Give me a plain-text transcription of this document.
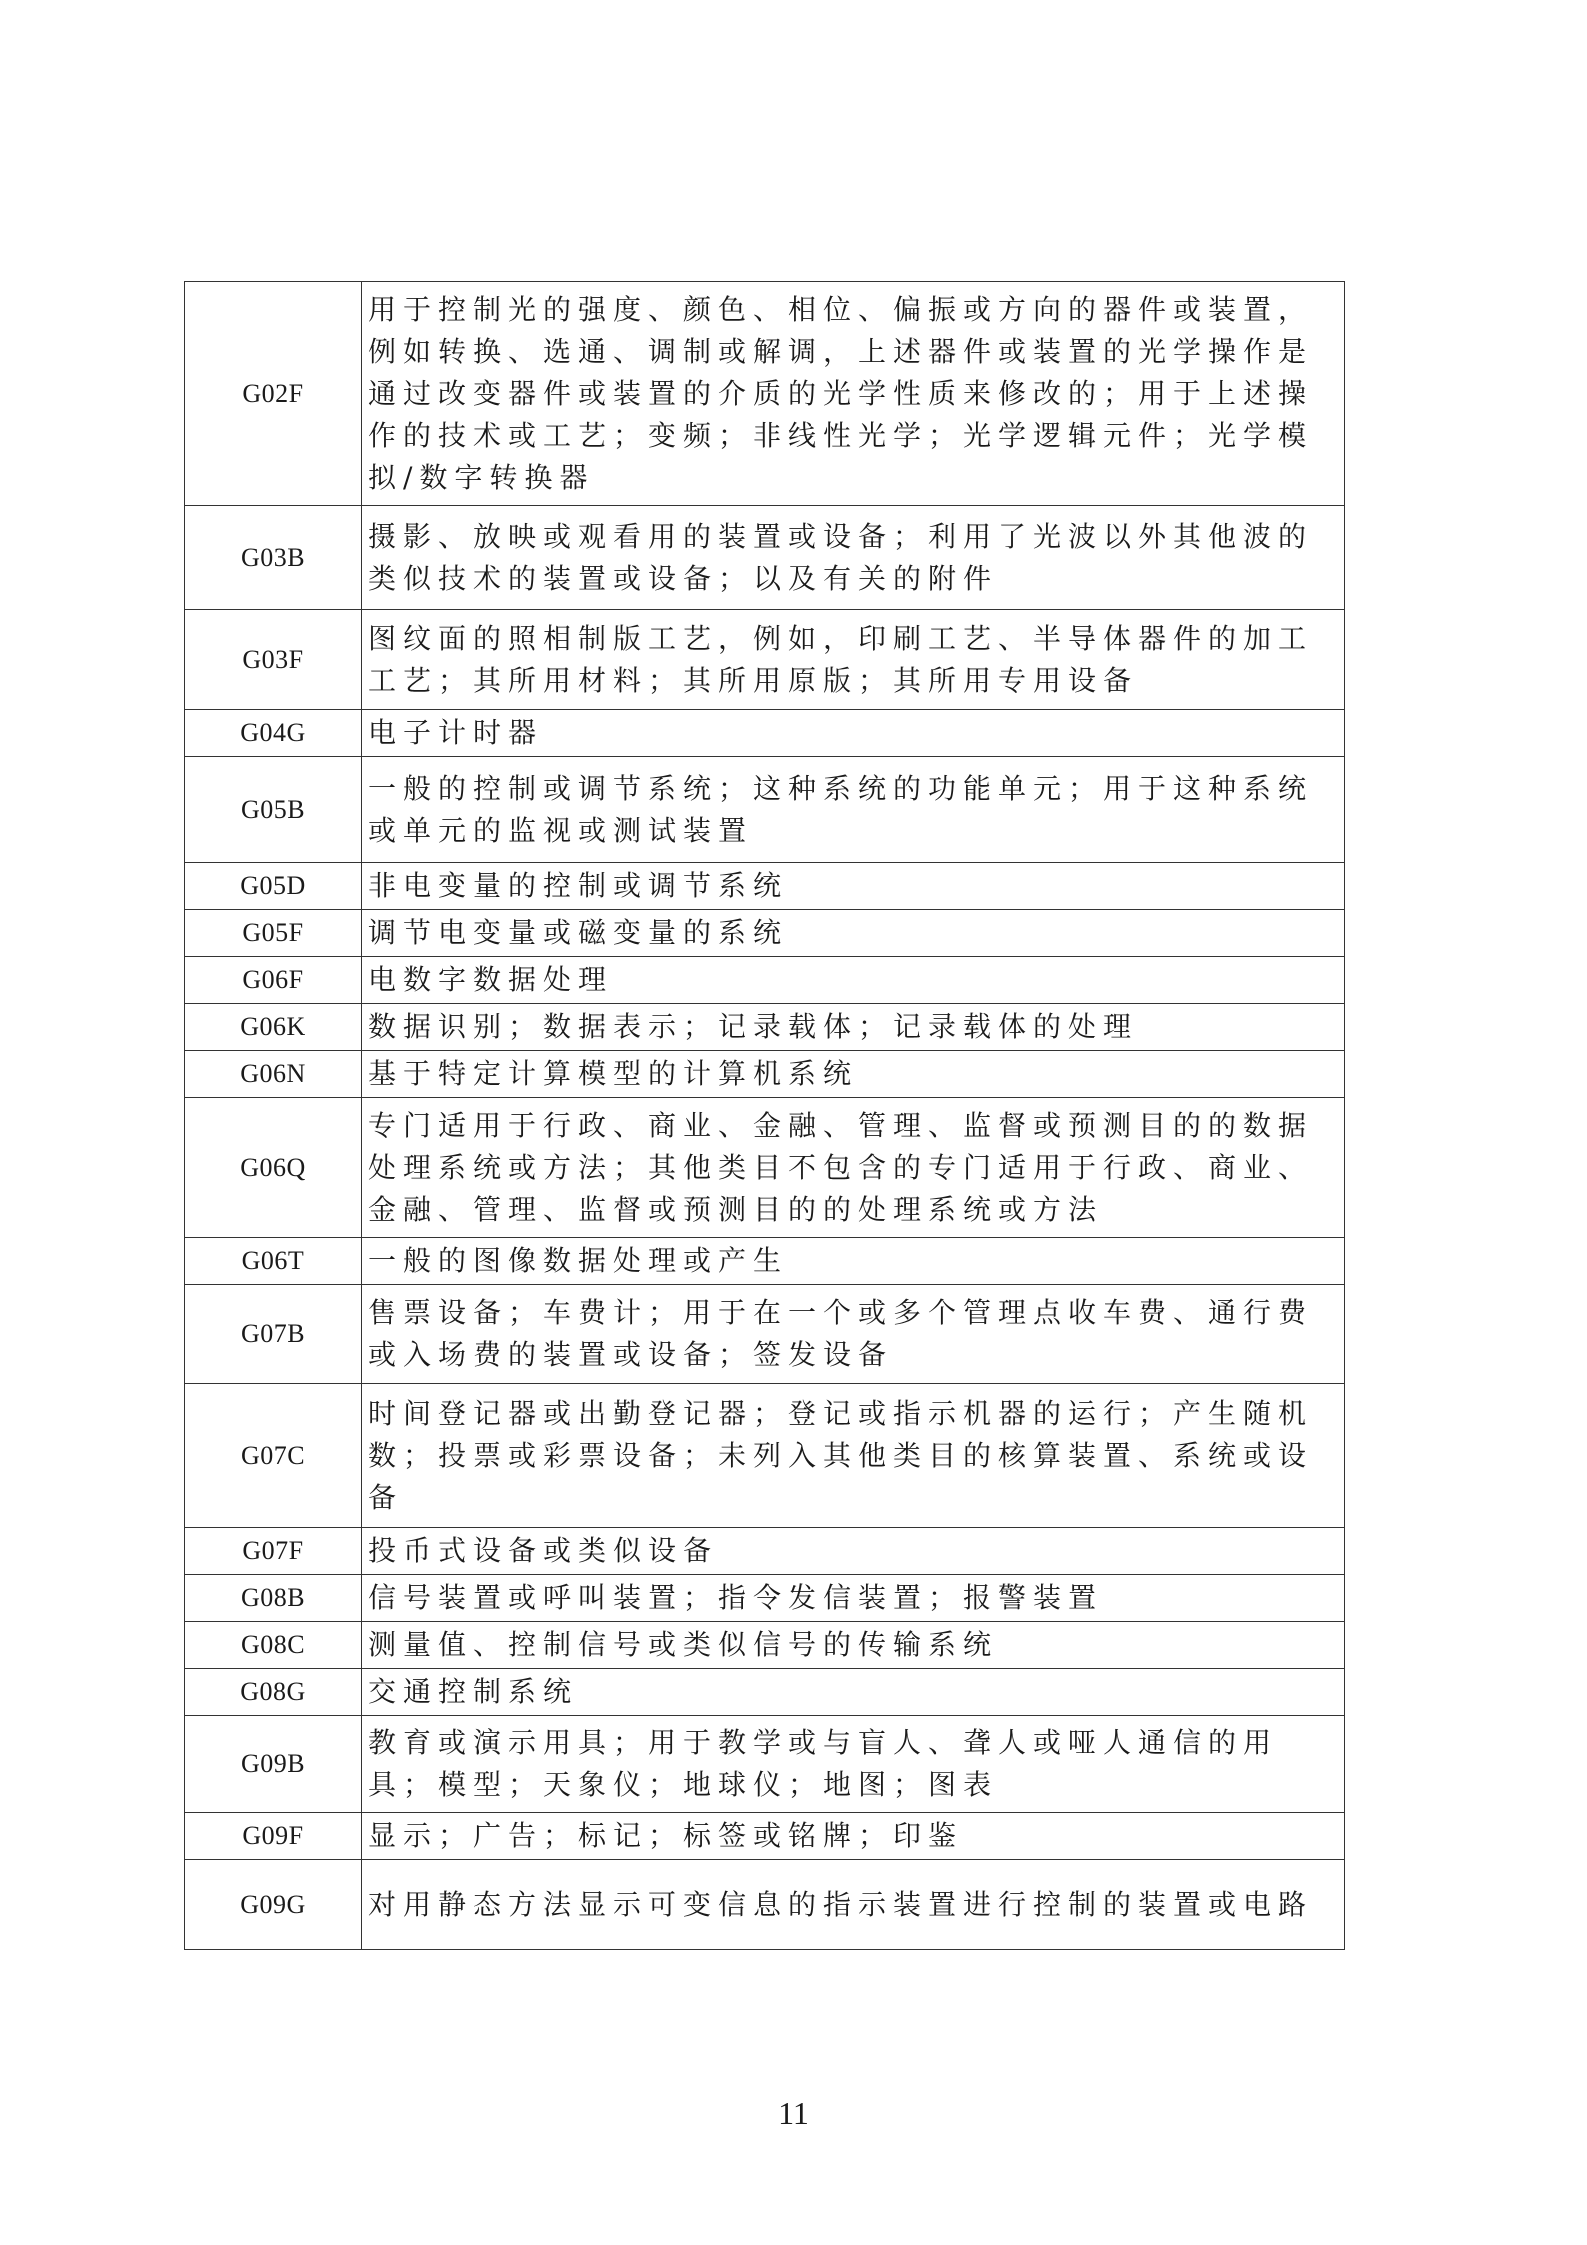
G02F	用于控制光的强度、颜色、相位、偏振或方向的器件或装置，例如转换、选通、调制或解调，上述器件或装置的光学操作是通过改变器件或装置的介质的光学性质来修改的；用于上述操作的技术或工艺；变频；非线性光学；光学逻辑元件；光学模拟/数字转换器
G03B	摄影、放映或观看用的装置或设备；利用了光波以外其他波的类似技术的装置或设备；以及有关的附件
G03F	图纹面的照相制版工艺，例如，印刷工艺、半导体器件的加工工艺；其所用材料；其所用原版；其所用专用设备
G04G	电子计时器
G05B	一般的控制或调节系统；这种系统的功能单元；用于这种系统或单元的监视或测试装置
G05D	非电变量的控制或调节系统
G05F	调节电变量或磁变量的系统
G06F	电数字数据处理
G06K	数据识别；数据表示；记录载体；记录载体的处理
G06N	基于特定计算模型的计算机系统
G06Q	专门适用于行政、商业、金融、管理、监督或预测目的的数据处理系统或方法；其他类目不包含的专门适用于行政、商业、金融、管理、监督或预测目的的处理系统或方法
G06T	一般的图像数据处理或产生
G07B	售票设备；车费计；用于在一个或多个管理点收车费、通行费或入场费的装置或设备；签发设备
G07C	时间登记器或出勤登记器；登记或指示机器的运行；产生随机数；投票或彩票设备；未列入其他类目的核算装置、系统或设备
G07F	投币式设备或类似设备
G08B	信号装置或呼叫装置；指令发信装置；报警装置
G08C	测量值、控制信号或类似信号的传输系统
G08G	交通控制系统
G09B	教育或演示用具；用于教学或与盲人、聋人或哑人通信的用具；模型；天象仪；地球仪；地图；图表
G09F	显示；广告；标记；标签或铭牌；印鉴
G09G	对用静态方法显示可变信息的指示装置进行控制的装置或电路
11
